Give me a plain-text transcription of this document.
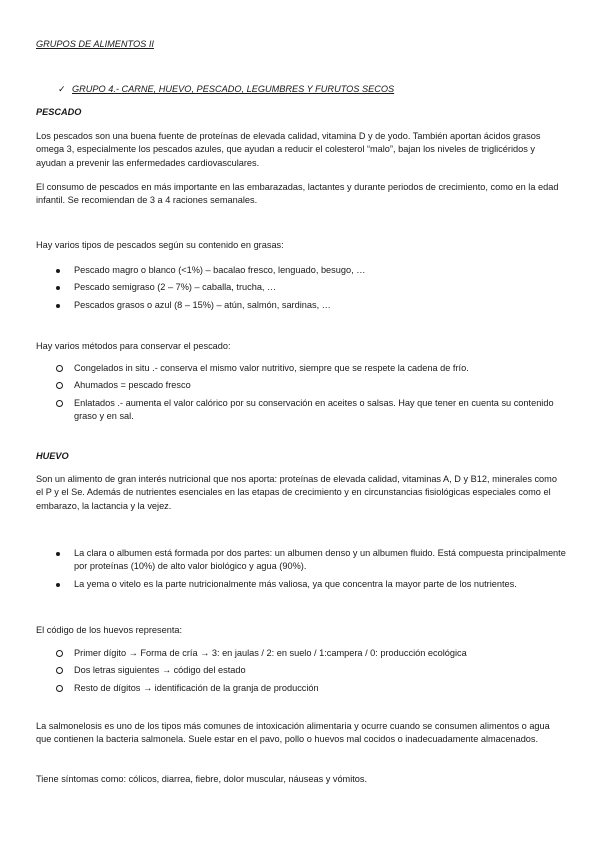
GRUPOS DE ALIMENTOS II
✓ GRUPO 4.- CARNE, HUEVO, PESCADO, LEGUMBRES Y FURUTOS SECOS
PESCADO

Los pescados son una buena fuente de proteínas de elevada calidad, vitamina D y de yodo. También aportan ácidos grasos omega 3, especialmente los pescados azules, que ayudan a reducir el colesterol “malo”, bajan los niveles de triglicéridos y ayudan a prevenir las enfermedades cardiovasculares.

El consumo de pescados en más importante en las embarazadas, lactantes y durante periodos de crecimiento, como en la edad infantil. Se recomiendan de 3 a 4 raciones semanales.

Hay varios tipos de pescados según su contenido en grasas:

Pescado magro o blanco (<1%) – bacalao fresco, lenguado, besugo, …
Pescado semigraso (2 – 7%) – caballa, trucha, …
Pescados grasos o azul (8 – 15%) – atún, salmón, sardinas, …

Hay varios métodos para conservar el pescado:

Congelados in situ .- conserva el mismo valor nutritivo, siempre que se respete la cadena de frío.
Ahumados = pescado fresco
Enlatados .- aumenta el valor calórico por su conservación en aceites o salsas. Hay que tener en cuenta su contenido graso y en sal.
HUEVO

Son un alimento de gran interés nutricional que nos aporta: proteínas de elevada calidad, vitaminas A, D y B12, minerales como el P y el Se. Además de nutrientes esenciales en las etapas de crecimiento y en circunstancias fisiológicas especiales como el embarazo, la lactancia y la vejez.

La clara o albumen está formada por dos partes: un albumen denso y un albumen fluido. Está compuesta principalmente por proteínas (10%) de alto valor biológico y agua (90%).
La yema o vitelo es la parte nutricionalmente más valiosa, ya que concentra la mayor parte de los nutrientes.

El código de los huevos representa:

Primer dígito → Forma de cría → 3: en jaulas / 2: en suelo / 1:campera / 0: producción ecológica
Dos letras siguientes → código del estado
Resto de dígitos → identificación de la granja de producción

La salmonelosis es uno de los tipos más comunes de intoxicación alimentaria y ocurre cuando se consumen alimentos o agua que contienen la bacteria salmonela. Suele estar en el pavo, pollo o huevos mal cocidos o inadecuadamente almacenados.

Tiene síntomas como: cólicos, diarrea, fiebre, dolor muscular, náuseas y vómitos.
